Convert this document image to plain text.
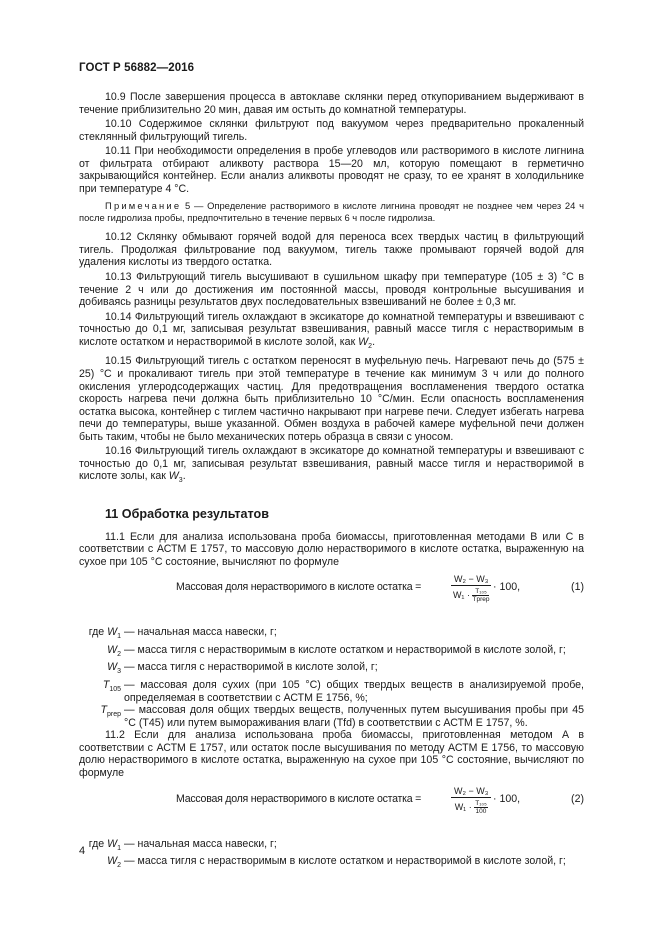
ГОСТ Р 56882—2016

10.9 После завершения процесса в автоклаве склянки перед откупориванием выдерживают в течение приблизительно 20 мин, давая им остыть до комнатной температуры.

10.10 Содержимое склянки фильтруют под вакуумом через предварительно прокаленный стеклянный фильтрующий тигель.

10.11 При необходимости определения в пробе углеводов или растворимого в кислоте лигнина от фильтрата отбирают аликвоту раствора 15—20 мл, которую помещают в герметично закрывающийся контейнер. Если анализ аликвоты проводят не сразу, то ее хранят в холодильнике при температуре 4 °С.

Примечание 5 — Определение растворимого в кислоте лигнина проводят не позднее чем через 24 ч после гидролиза пробы, предпочтительно в течение первых 6 ч после гидролиза.

10.12 Склянку обмывают горячей водой для переноса всех твердых частиц в фильтрующий тигель. Продолжая фильтрование под вакуумом, тигель также промывают горячей водой для удаления кислоты из твердого остатка.

10.13 Фильтрующий тигель высушивают в сушильном шкафу при температуре (105 ± 3) °С в течение 2 ч или до достижения им постоянной массы, проводя контрольные высушивания и добиваясь разницы результатов двух последовательных взвешиваний не более ± 0,3 мг.

10.14 Фильтрующий тигель охлаждают в эксикаторе до комнатной температуры и взвешивают с точностью до 0,1 мг, записывая результат взвешивания, равный массе тигля с нерастворимым в кислоте остатком и нерастворимой в кислоте золой, как $W_2$.

10.15 Фильтрующий тигель с остатком переносят в муфельную печь. Нагревают печь до (575 ± 25) °С и прокаливают тигель при этой температуре в течение как минимум 3 ч или до полного окисления углеродсодержащих частиц. Для предотвращения воспламенения твердого остатка скорость нагрева печи должна быть приблизительно 10 °С/мин. Если опасность воспламенения остатка высока, контейнер с тиглем частично накрывают при нагреве печи. Следует избегать нагрева печи до температуры, выше указанной. Обмен воздуха в рабочей камере муфельной печи должен быть таким, чтобы не было механических потерь образца в связи с уносом.

10.16 Фильтрующий тигель охлаждают в эксикаторе до комнатной температуры и взвешивают с точностью до 0,1 мг, записывая результат взвешивания, равный массе тигля и нерастворимой в кислоте золы, как $W_3$.

11 Обработка результатов

11.1 Если для анализа использована проба биомассы, приготовленная методами В или С в соответствии с АСТМ Е 1757, то массовую долю нерастворимого в кислоте остатка, выраженную на сухое при 105 °С состояние, вычисляют по формуле

Массовая доля нерастворимого в кислоте остатка =
W₂ − W₃
$W_1 \cdot \frac{\text{T₁₀₅}}{\text{Tprep}}$
· 100,	(1)
где $W_1$ — начальная масса навески, г;
$W_2$ — масса тигля с нерастворимым в кислоте остатком и нерастворимой в кислоте золой, г;
$W_3$ — масса тигля с нерастворимой в кислоте золой, г;
$T_{105}$ — массовая доля сухих (при 105 °С) общих твердых веществ в анализируемой пробе, определяемая в соответствии с АСТМ Е 1756, %;
$T_{prep}$ — массовая доля общих твердых веществ, полученных путем высушивания пробы при 45 °С (T45) или путем вымораживания влаги (Tfd) в соответствии с АСТМ Е 1757, %.

11.2 Если для анализа использована проба биомассы, приготовленная методом А в соответствии с АСТМ Е 1757, или остаток после высушивания по методу АСТМ Е 1756, то массовую долю нерастворимого в кислоте остатка, выраженную на сухое при 105 °С состояние, вычисляют по формуле

Массовая доля нерастворимого в кислоте остатка =	$\frac{\text{W₂ − W₃}}{W_1 \cdot \frac{\text{T₁₀₅}}{100}} \cdot 100$,	(2)
где $W_1$ — начальная масса навески, г;
$W_2$ — масса тигля с нерастворимым в кислоте остатком и нерастворимой в кислоте золой, г;
4
